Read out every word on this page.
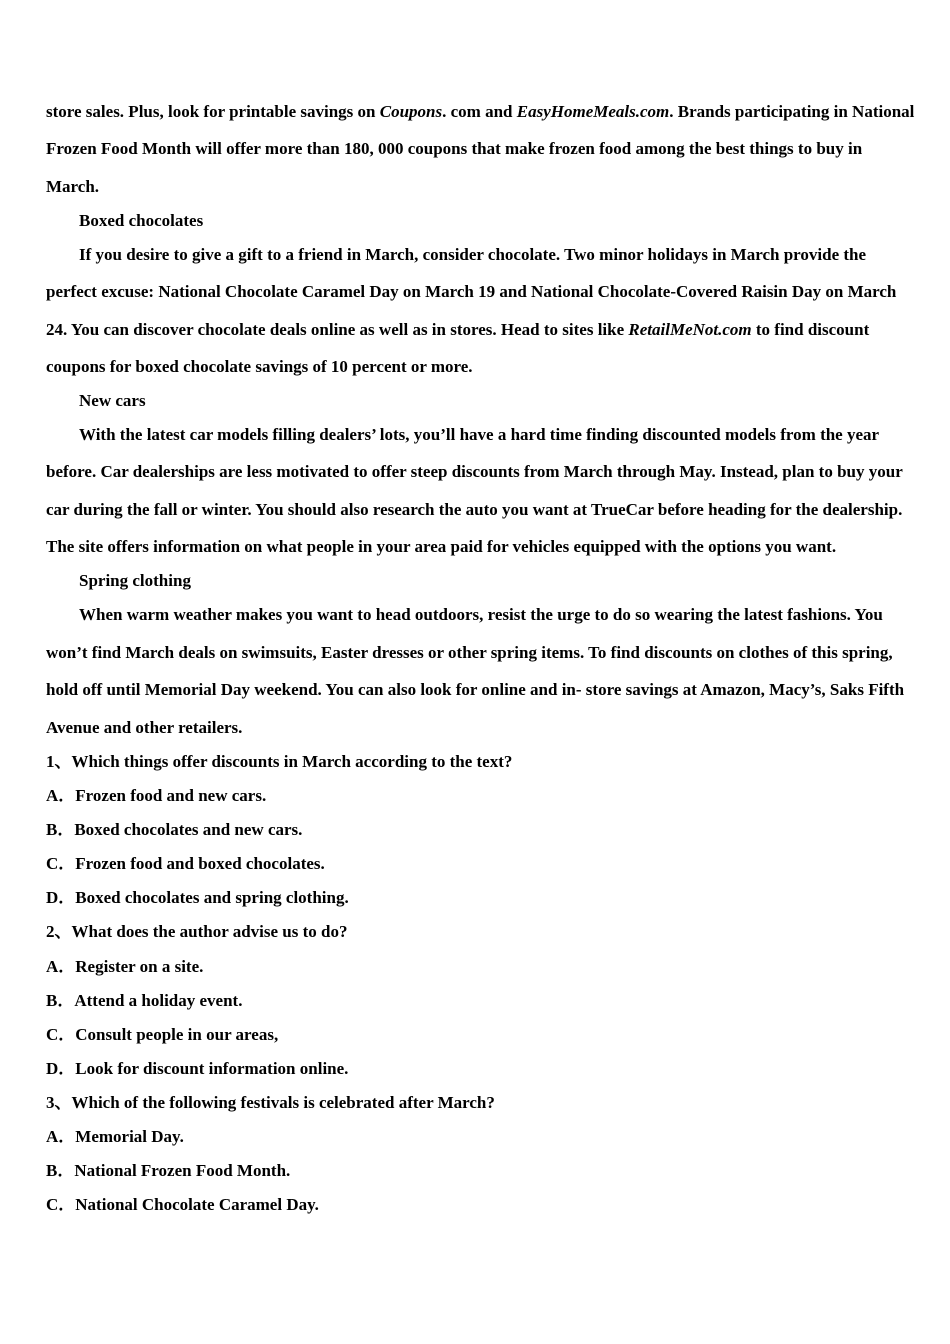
store sales. Plus, look for printable savings on Coupons. com and EasyHomeMeals.com. Brands participating in National

Frozen Food Month will offer more than 180, 000 coupons that make frozen food among the best things to buy in

March.

Boxed chocolates

If you desire to give a gift to a friend in March, consider chocolate. Two minor holidays in March provide the

perfect excuse: National Chocolate Caramel Day on March 19 and National Chocolate-Covered Raisin Day on March

24. You can discover chocolate deals online as well as in stores. Head to sites like RetailMeNot.com to find discount

coupons for boxed chocolate savings of 10 percent or more.

New cars

With the latest car models filling dealers’ lots, you’ll have a hard time finding discounted models from the year

before. Car dealerships are less motivated to offer steep discounts from March through May. Instead, plan to buy your

car during the fall or winter. You should also research the auto you want at TrueCar before heading for the dealership.

The site offers information on what people in your area paid for vehicles equipped with the options you want.

Spring clothing

When warm weather makes you want to head outdoors, resist the urge to do so wearing the latest fashions. You

won’t find March deals on swimsuits, Easter dresses or other spring items. To find discounts on clothes of this spring,

hold off until Memorial Day weekend. You can also look for online and in- store savings at Amazon, Macy’s, Saks Fifth

Avenue and other retailers.

1、Which things offer discounts in March according to the text?

A．Frozen food and new cars.

B．Boxed chocolates and new cars.

C．Frozen food and boxed chocolates.

D．Boxed chocolates and spring clothing.

2、What does the author advise us to do?

A．Register on a site.

B．Attend a holiday event.

C．Consult people in our areas,

D．Look for discount information online.

3、Which of the following festivals is celebrated after March?

A．Memorial Day.

B．National Frozen Food Month.

C．National Chocolate Caramel Day.
